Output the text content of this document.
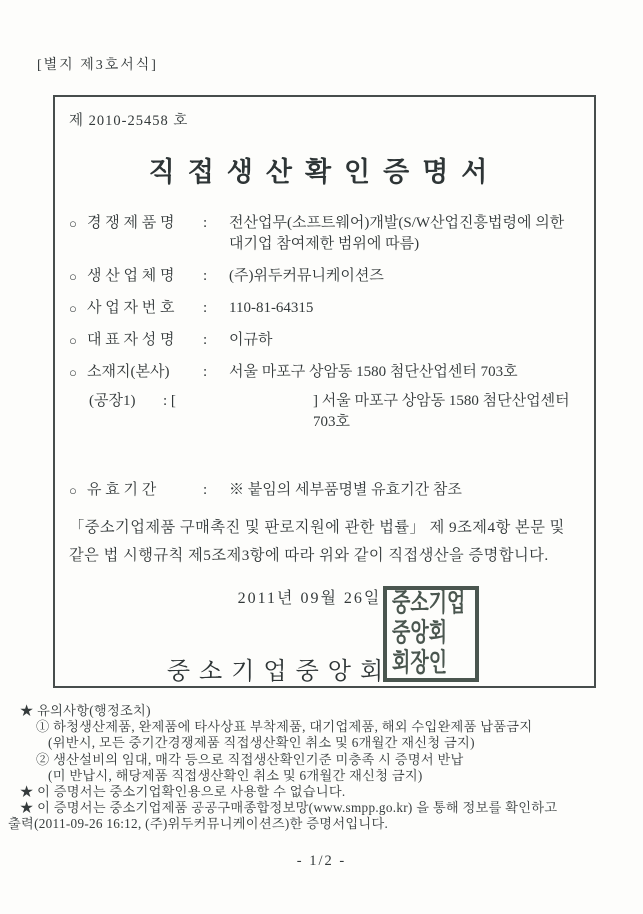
[별지 제3호서식]
제 2010-25458 호
직접생산확인증명서
○ 경 쟁 제 품 명	:	전산업무(소프트웨어)개발(S/W산업진흥법령에 의한 대기업 참여제한 범위에 따름)
○ 생 산 업 체 명	:	(주)위두커뮤니케이션즈
○ 사 업 자 번 호	:	110-81-64315
○ 대 표 자 성 명	:	이규하
○ 소재지(본사)	:	서울 마포구 상암동 1580 첨단산업센터 703호
(공장1)	: [	] 서울 마포구 상암동 1580 첨단산업센터 703호
○ 유 효 기 간	:	※ 붙임의 세부품명별 유효기간 참조
「중소기업제품 구매촉진 및 판로지원에 관한 법률」 제 9조제4항 본문 및
같은 법 시행규칙 제5조제3항에 따라 위와 같이 직접생산을 증명합니다.
2011년 09월 26일
중소기업중앙회
중소기업
중앙회
회장인
★ 유의사항(행정조치)
① 하청생산제품, 완제품에 타사상표 부착제품, 대기업제품, 해외 수입완제품 납품금지
(위반시, 모든 중기간경쟁제품 직접생산확인 취소 및 6개월간 재신청 금지)
② 생산설비의 임대, 매각 등으로 직접생산확인기준 미충족 시 증명서 반납
(미 반납시, 해당제품 직접생산확인 취소 및 6개월간 재신청 금지)
★ 이 증명서는 중소기업확인용으로 사용할 수 없습니다.
★ 이 증명서는 중소기업제품 공공구매종합정보망(www.smpp.go.kr) 을 통해 정보를 확인하고
출력(2011-09-26 16:12, (주)위두커뮤니케이션즈)한 증명서입니다.
- 1/2 -
